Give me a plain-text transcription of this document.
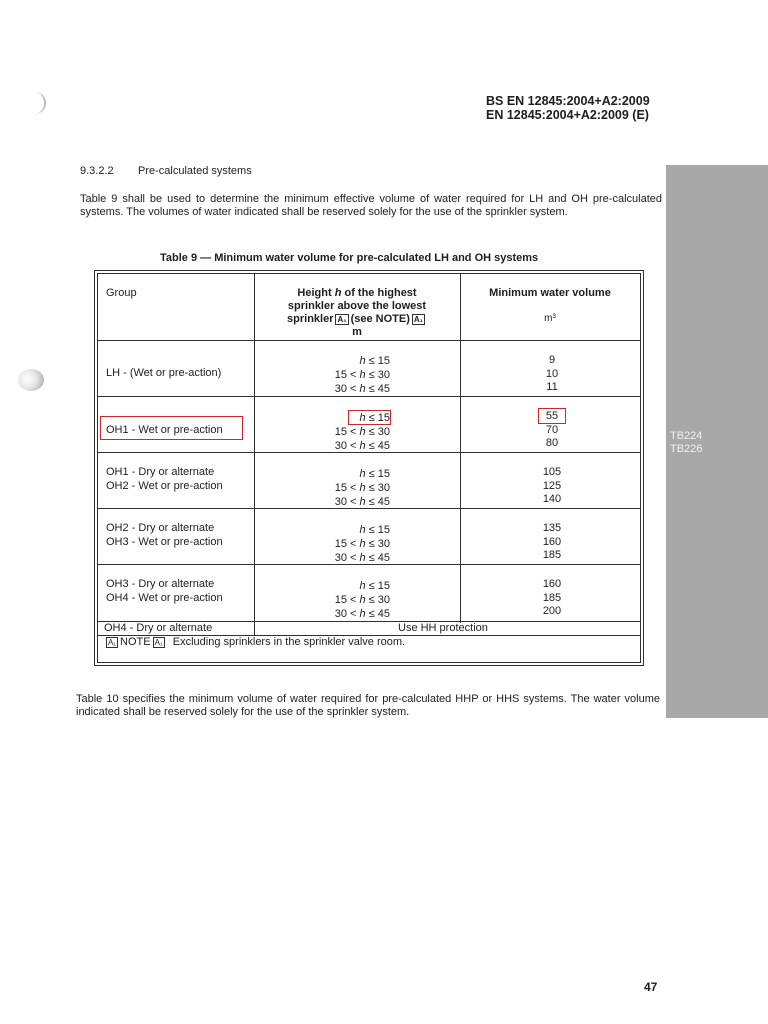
TB224
TB226
BS EN 12845:2004+A2:2009
EN 12845:2004+A2:2009 (E)
9.3.2.2 Pre-calculated systems
Table 9 shall be used to determine the minimum effective volume of water required for LH and OH pre-calculated systems. The volumes of water indicated shall be reserved solely for the use of the sprinkler system.
Table 9 — Minimum water volume for pre-calculated LH and OH systems
Group	Height h of the highest
sprinkler above the lowest
sprinkler A₁ (see NOTE) A₁
m
Minimum water volume
m³
LH - (Wet or pre-action)
h ≤ 15
15 < h ≤ 30
30 < h ≤ 45
9
10
11
OH1 - Wet or pre-action
h ≤ 15
15 < h ≤ 30
30 < h ≤ 45
55
70
80
OH1 - Dry or alternate
OH2 - Wet or pre-action
h ≤ 15
15 < h ≤ 30
30 < h ≤ 45
105
125
140
OH2 - Dry or alternate
OH3 - Wet or pre-action
h ≤ 15
15 < h ≤ 30
30 < h ≤ 45
135
160
185
OH3 - Dry or alternate
OH4 - Wet or pre-action
h ≤ 15
15 < h ≤ 30
30 < h ≤ 45
160
185
200
OH4 - Dry or alternate	Use HH protection
A₁ NOTE A₁ Excluding sprinklers in the sprinkler valve room.
Table 10 specifies the minimum volume of water required for pre-calculated HHP or HHS systems. The water volume indicated shall be reserved solely for the use of the sprinkler system.
47
